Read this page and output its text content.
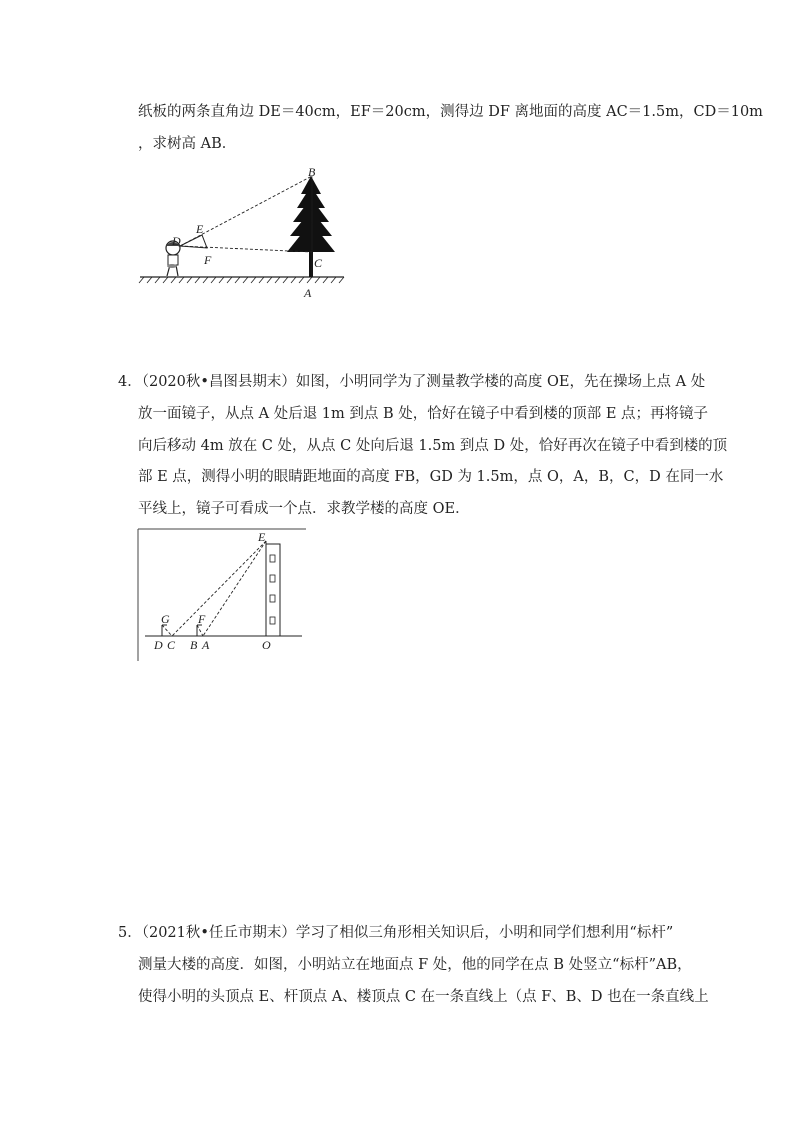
纸板的两条直角边 DE＝40cm，EF＝20cm，测得边 DF 离地面的高度 AC＝1.5m，CD＝10m
，求树高 AB．
B
E
D
F	C
A
4．（2020秋•昌图县期末）如图，小明同学为了测量教学楼的高度 OE，先在操场上点 A 处
放一面镜子，从点 A 处后退 1m 到点 B 处，恰好在镜子中看到楼的顶部 E 点；再将镜子
向后移动 4m 放在 C 处，从点 C 处向后退 1.5m 到点 D 处，恰好再次在镜子中看到楼的顶
部 E 点，测得小明的眼睛距地面的高度 FB，GD 为 1.5m，点 O，A，B，C，D 在同一水
平线上，镜子可看成一个点．求教学楼的高度 OE．
E
G F
D C B A	O
5．（2021秋•任丘市期末）学习了相似三角形相关知识后，小明和同学们想利用“标杆”
测量大楼的高度．如图，小明站立在地面点 F 处，他的同学在点 B 处竖立“标杆”AB，
使得小明的头顶点 E、杆顶点 A、楼顶点 C 在一条直线上（点 F、B、D 也在一条直线上
